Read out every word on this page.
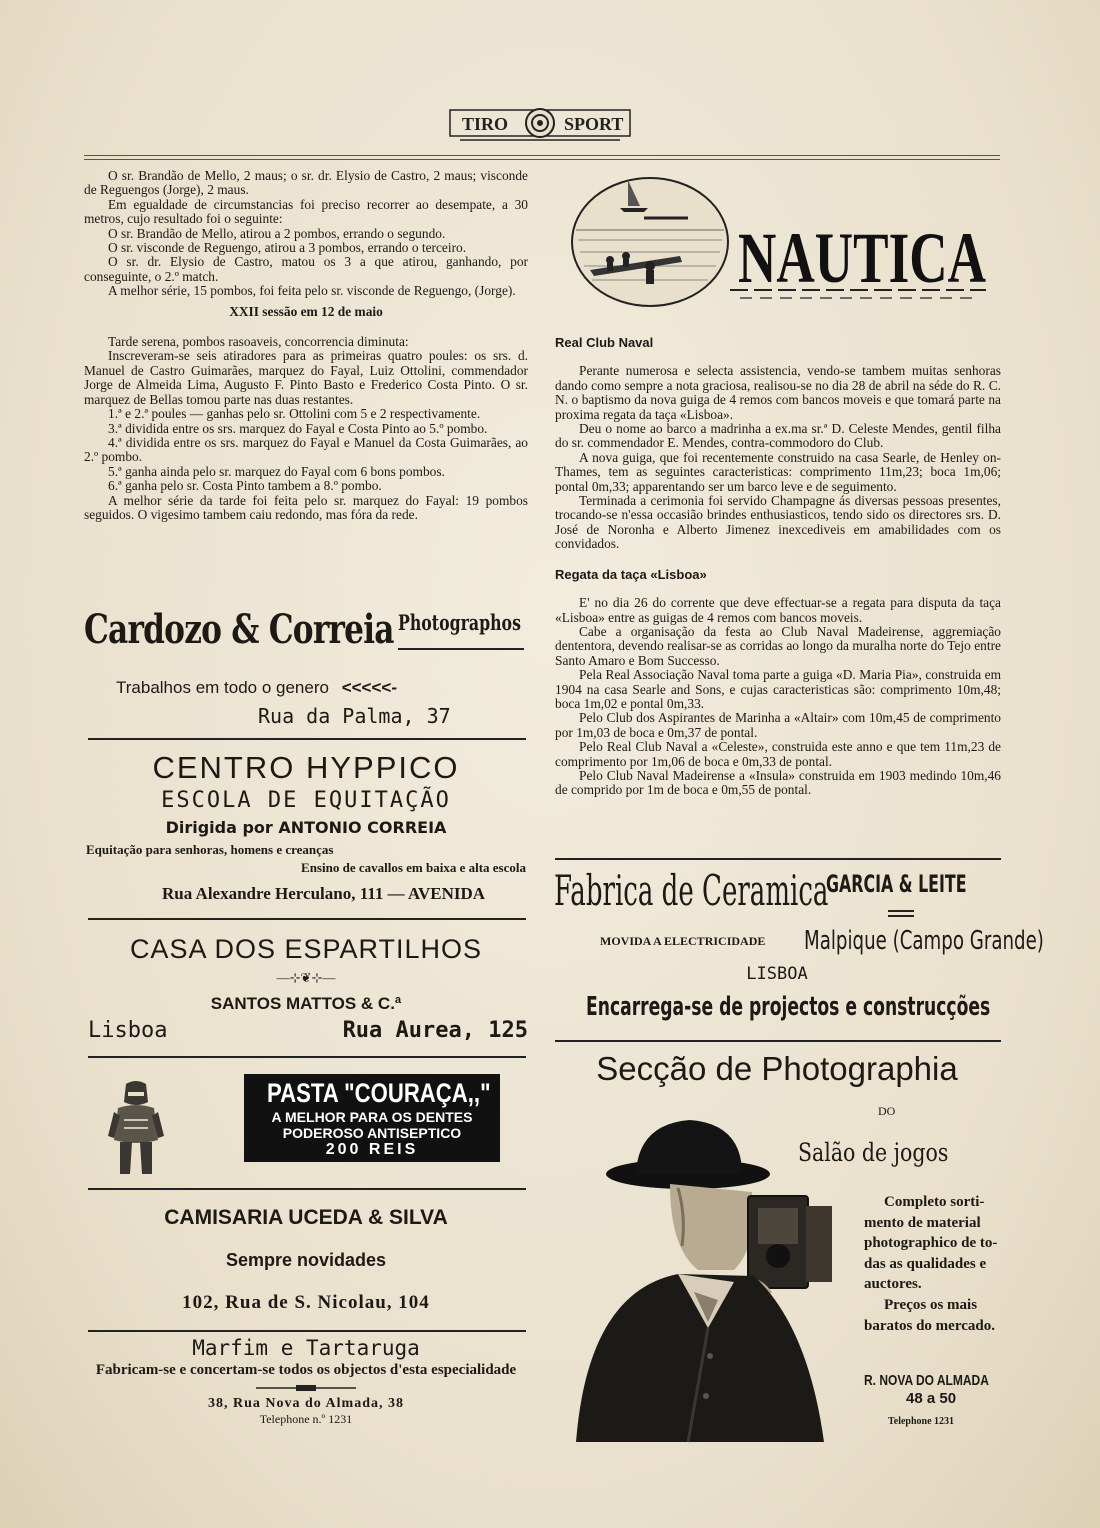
TIRO	SPORT

O sr. Brandão de Mello, 2 maus; o sr. dr. Elysio de Castro, 2 maus; visconde de Reguengos (Jorge), 2 maus.

Em egualdade de circumstancias foi preciso recorrer ao desempate, a 30 metros, cujo resultado foi o seguinte:

O sr. Brandão de Mello, atirou a 2 pombos, errando o segundo.

O sr. visconde de Reguengo, atirou a 3 pombos, errando o terceiro.

O sr. dr. Elysio de Castro, matou os 3 a que atirou, ganhando, por conseguinte, o 2.º match.

A melhor série, 15 pombos, foi feita pelo sr. visconde de Reguengo, (Jorge).

XXII sessão em 12 de maio

Tarde serena, pombos rasoaveis, concorrencia diminuta:

Inscreveram-se seis atiradores para as primeiras quatro poules: os srs. d. Manuel de Castro Guimarães, marquez do Fayal, Luiz Ottolini, commendador Jorge de Almeida Lima, Augusto F. Pinto Basto e Frederico Costa Pinto. O sr. marquez de Bellas tomou parte nas duas restantes.

1.ª e 2.ª poules — ganhas pelo sr. Ottolini com 5 e 2 respectivamente.

3.ª dividida entre os srs. marquez do Fayal e Costa Pinto ao 5.º pombo.

4.ª dividida entre os srs. marquez do Fayal e Manuel da Costa Guimarães, ao 2.º pombo.

5.ª ganha ainda pelo sr. marquez do Fayal com 6 bons pombos.

6.ª ganha pelo sr. Costa Pinto tambem a 8.º pombo.

A melhor série da tarde foi feita pelo sr. marquez do Fayal: 19 pombos seguidos. O vigesimo tambem caiu redondo, mas fóra da rede.

Cardozo & Correia Photographos
Trabalhos em todo o genero <<<<<-
Rua da Palma, 37
CENTRO HYPPICO
ESCOLA DE EQUITAÇÃO
Dirigida por ANTONIO CORREIA
Equitação para senhoras, homens e creanças
Ensino de cavallos em baixa e alta escola
Rua Alexandre Herculano, 111 — AVENIDA
CASA DOS ESPARTILHOS
—⊹❦⊹—
SANTOS MATTOS & C.ª
Lisboa	Rua Aurea, 125
PASTA "COURAÇA,,"
A MELHOR PARA OS DENTES
PODEROSO ANTISEPTICO
200 REIS
CAMISARIA UCEDA & SILVA
Sempre novidades
102, Rua de S. Nicolau, 104
Marfim e Tartaruga
Fabricam-se e concertam-se todos os objectos d'esta especialidade
38, Rua Nova do Almada, 38
Telephone n.º 1231
NAUTICA

Real Club Naval

Perante numerosa e selecta assistencia, vendo-se tambem muitas senhoras dando como sempre a nota graciosa, realisou-se no dia 28 de abril na séde do R. C. N. o baptismo da nova guiga de 4 remos com bancos moveis e que tomará parte na proxima regata da taça «Lisboa».

Deu o nome ao barco a madrinha a ex.ma sr.ª D. Celeste Mendes, gentil filha do sr. commendador E. Mendes, contra-commodoro do Club.

A nova guiga, que foi recentemente construido na casa Searle, de Henley on-Thames, tem as seguintes caracteristicas: comprimento 11m,23; boca 1m,06; pontal 0m,33; apparentando ser um barco leve e de seguimento.

Terminada a cerimonia foi servido Champagne ás diversas pessoas presentes, trocando-se n'essa occasião brindes enthusiasticos, tendo sido os directores srs. D. José de Noronha e Alberto Jimenez inexcediveis em amabilidades com os convidados.

Regata da taça «Lisboa»

E' no dia 26 do corrente que deve effectuar-se a regata para disputa da taça «Lisboa» entre as guigas de 4 remos com bancos moveis.

Cabe a organisação da festa ao Club Naval Madeirense, aggremiação dententora, devendo realisar-se as corridas ao longo da muralha norte do Tejo entre Santo Amaro e Bom Successo.

Pela Real Associação Naval toma parte a guiga «D. Maria Pia», construida em 1904 na casa Searle and Sons, e cujas caracteristicas são: comprimento 10m,48; boca 1m,02 e pontal 0m,33.

Pelo Club dos Aspirantes de Marinha a «Altair» com 10m,45 de comprimento por 1m,03 de boca e 0m,37 de pontal.

Pelo Real Club Naval a «Celeste», construida este anno e que tem 11m,23 de comprimento por 1m,06 de boca e 0m,33 de pontal.

Pelo Club Naval Madeirense a «Insula» construida em 1903 medindo 10m,46 de comprido por 1m de boca e 0m,55 de pontal.

Fabrica de Ceramica
GARCIA & LEITE
MOVIDA A ELECTRICIDADE Malpique (Campo Grande)
LISBOA
Encarrega-se de projectos e construcções
Secção de Photographia
DO
Salão de jogos
Completo sorti-
mento de material
photographico de to-
das as qualidades e
auctores.
Preços os mais
baratos do mercado.
R. NOVA DO ALMADA
48 a 50
Telephone 1231
